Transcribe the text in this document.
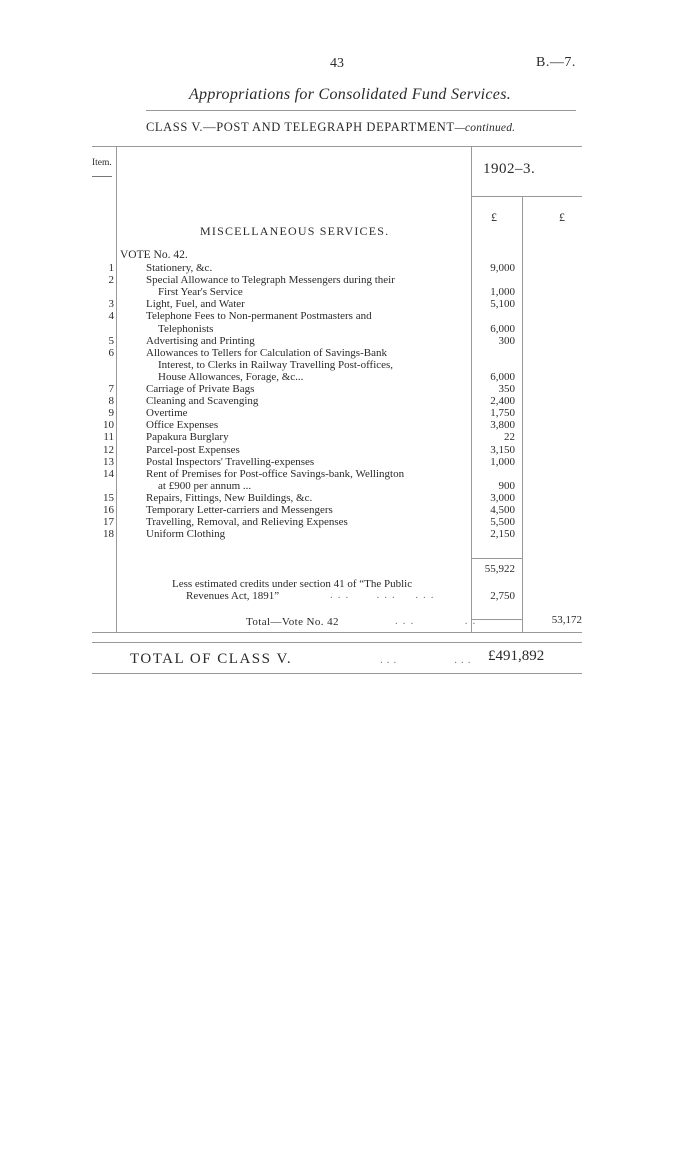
43	B.—7.
Appropriations for Consolidated Fund Services.
CLASS V.—POST AND TELEGRAPH DEPARTMENT—continued.
Item.	1902–3.
£	£
MISCELLANEOUS SERVICES.
VOTE No. 42.
1	Stationery, &c.	9,000
2	Special Allowance to Telegraph Messengers during their
First Year's Service	1,000
3	Light, Fuel, and Water	5,100
4	Telephone Fees to Non-permanent Postmasters and
Telephonists	6,000
5	Advertising and Printing	300
6	Allowances to Tellers for Calculation of Savings-Bank
Interest, to Clerks in Railway Travelling Post-offices,
House Allowances, Forage, &c...	6,000
7	Carriage of Private Bags	350
8	Cleaning and Scavenging	2,400
9	Overtime	1,750
10	Office Expenses	3,800
11	Papakura Burglary	22
12	Parcel-post Expenses	3,150
13	Postal Inspectors' Travelling-expenses	1,000
14	Rent of Premises for Post-office Savings-bank, Wellington
at £900 per annum ...	900
15	Repairs, Fittings, New Buildings, &c.	3,000
16	Temporary Letter-carriers and Messengers	4,500
17	Travelling, Removal, and Relieving Expenses	5,500
18	Uniform Clothing	2,150
55,922
Less estimated credits under section 41 of “The Public
Revenues Act, 1891”	...   ...  ...	2,750
Total—Vote No. 42	...      ..	53,172
TOTAL OF CLASS V.	...        ... £491,892
